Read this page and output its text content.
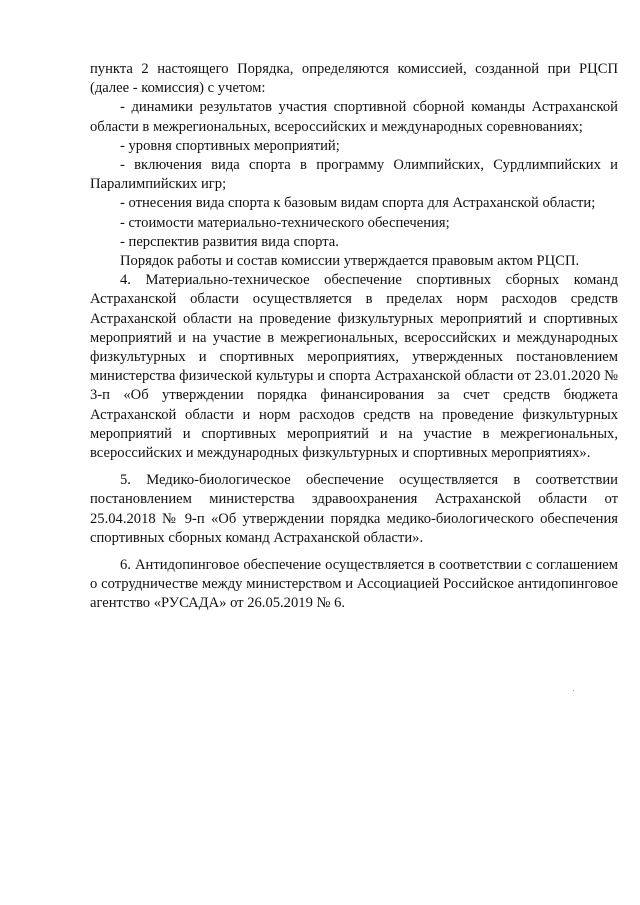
пункта 2 настоящего Порядка, определяются комиссией, созданной при РЦСП (далее - комиссия) с учетом:

- динамики результатов участия спортивной сборной команды Астраханской области в межрегиональных, всероссийских и международных соревнованиях;

- уровня спортивных мероприятий;

- включения вида спорта в программу Олимпийских, Сурдлимпийских и Паралимпийских игр;

- отнесения вида спорта к базовым видам спорта для Астраханской области;

- стоимости материально-технического обеспечения;

- перспектив развития вида спорта.

Порядок работы и состав комиссии утверждается правовым актом РЦСП.

4. Материально-техническое обеспечение спортивных сборных команд Астраханской области осуществляется в пределах норм расходов средств Астраханской области на проведение физкультурных мероприятий и спортивных мероприятий и на участие в межрегиональных, всероссийских и международных физкультурных и спортивных мероприятиях, утвержденных постановлением министерства физической культуры и спорта Астраханской области от 23.01.2020 № 3-п «Об утверждении порядка финансирования за счет средств бюджета Астраханской области и норм расходов средств на проведение физкультурных мероприятий и спортивных мероприятий и на участие в межрегиональных, всероссийских и международных физкультурных и спортивных мероприятиях».

5. Медико-биологическое обеспечение осуществляется в соответствии постановлением министерства здравоохранения Астраханской области от 25.04.2018 № 9-п «Об утверждении порядка медико-биологического обеспечения спортивных сборных команд Астраханской области».

6. Антидопинговое обеспечение осуществляется в соответствии с соглашением о сотрудничестве между министерством и Ассоциацией Российское антидопинговое агентство «РУСАДА» от 26.05.2019 № 6.
